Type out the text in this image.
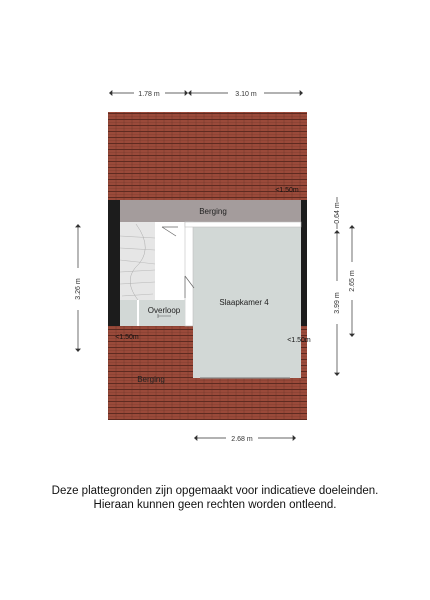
1.78 m	3.10 m
3.26 m
0.64 m
3.99 m
2.65 m
2.68 m
Berging
Overloop
Slaapkamer 4
Berging
<1.50m
<1.50m	<1.50m
Deze plattegronden zijn opgemaakt voor indicatieve doeleinden.
Hieraan kunnen geen rechten worden ontleend.
